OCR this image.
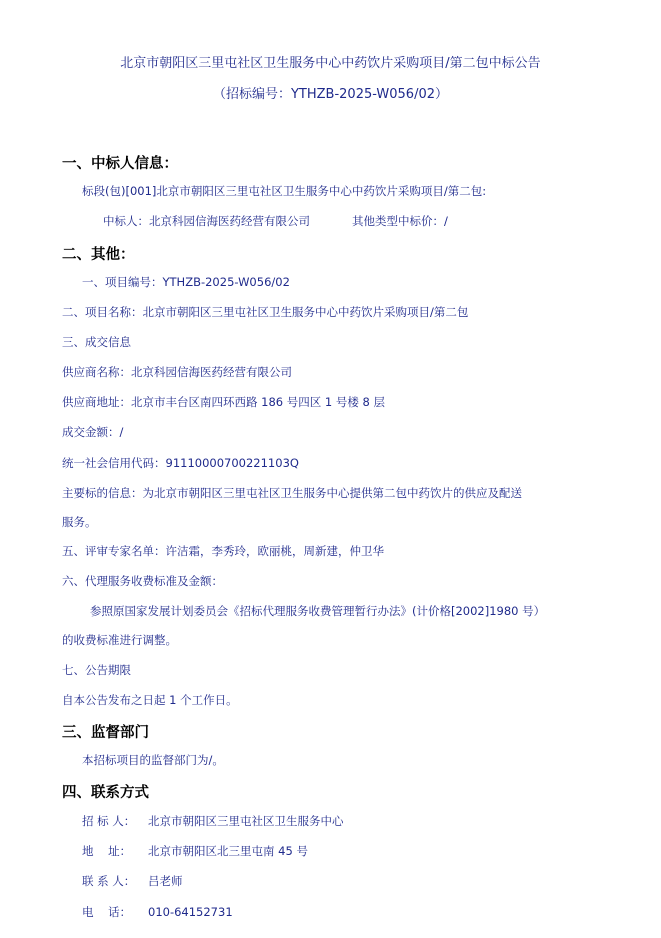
北京市朝阳区三里屯社区卫生服务中心中药饮片采购项目/第二包中标公告
（招标编号：YTHZB-2025-W056/02）
一、中标人信息：
标段(包)[001]北京市朝阳区三里屯社区卫生服务中心中药饮片采购项目/第二包:
中标人：北京科园信海医药经营有限公司	其他类型中标价：/
二、其他：
一、项目编号：YTHZB-2025-W056/02
二、项目名称：北京市朝阳区三里屯社区卫生服务中心中药饮片采购项目/第二包
三、成交信息
供应商名称：北京科园信海医药经营有限公司
供应商地址：北京市丰台区南四环西路 186 号四区 1 号楼 8 层
成交金额：/
统一社会信用代码：91110000700221103Q
主要标的信息：为北京市朝阳区三里屯社区卫生服务中心提供第二包中药饮片的供应及配送
服务。
五、评审专家名单：许洁霜，李秀玲，欧丽桃，周新建，仲卫华
六、代理服务收费标准及金额：
参照原国家发展计划委员会《招标代理服务收费管理暂行办法》(计价格[2002]1980 号）
的收费标准进行调整。
七、公告期限
自本公告发布之日起 1 个工作日。
三、监督部门
本招标项目的监督部门为/。
四、联系方式
招 标 人： 北京市朝阳区三里屯社区卫生服务中心
地    址： 北京市朝阳区北三里屯南 45 号
联 系 人： 吕老师
电    话： 010-64152731
